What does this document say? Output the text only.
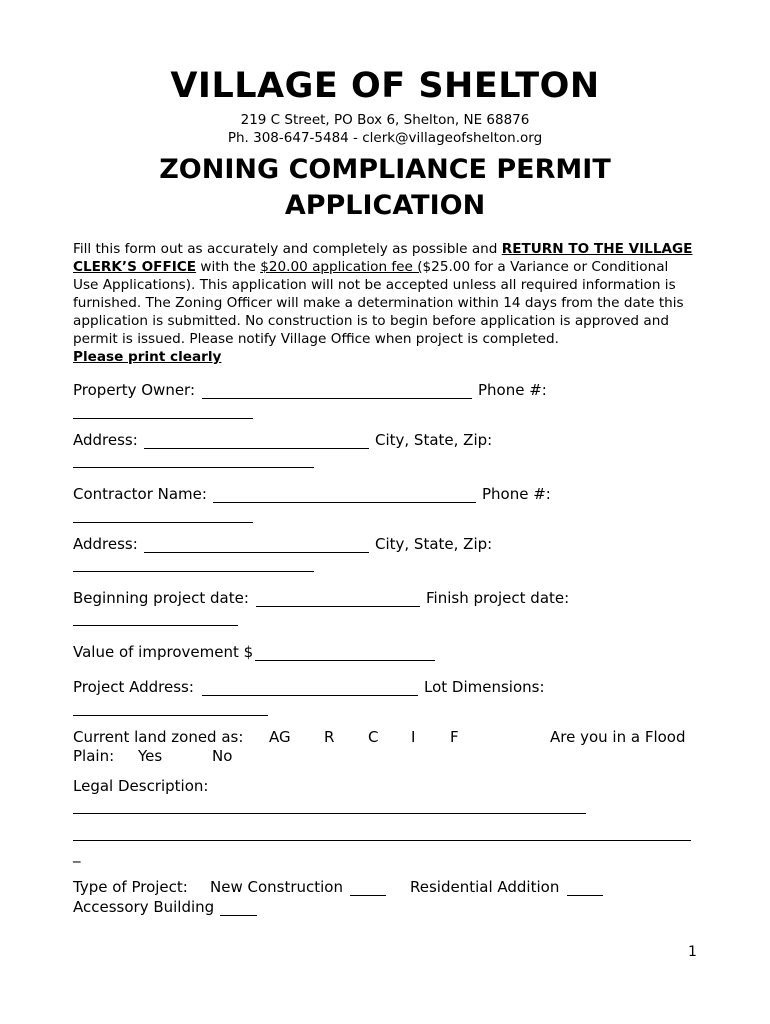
VILLAGE OF SHELTON
219 C Street, PO Box 6, Shelton, NE 68876
Ph. 308-647-5484 - clerk@villageofshelton.org
ZONING COMPLIANCE PERMIT
APPLICATION
Fill this form out as accurately and completely as possible and RETURN TO THE VILLAGE CLERK’S OFFICE with the $20.00 application fee ($25.00 for a Variance or Conditional Use Applications). This application will not be accepted unless all required information is furnished. The Zoning Officer will make a determination within 14 days from the date this application is submitted. No construction is to begin before application is approved and permit is issued. Please notify Village Office when project is completed.
Please print clearly
Property Owner:	Phone #:
Address:	City, State, Zip:
Contractor Name:	Phone #:
Address:	City, State, Zip:
Beginning project date:	Finish project date:
Value of improvement $
Project Address:	Lot Dimensions:
Current land zoned as: AG R C I F	Are you in a Flood
Plain: Yes	No
Legal Description:
_
Type of Project: New Construction	Residential Addition
Accessory Building
1
